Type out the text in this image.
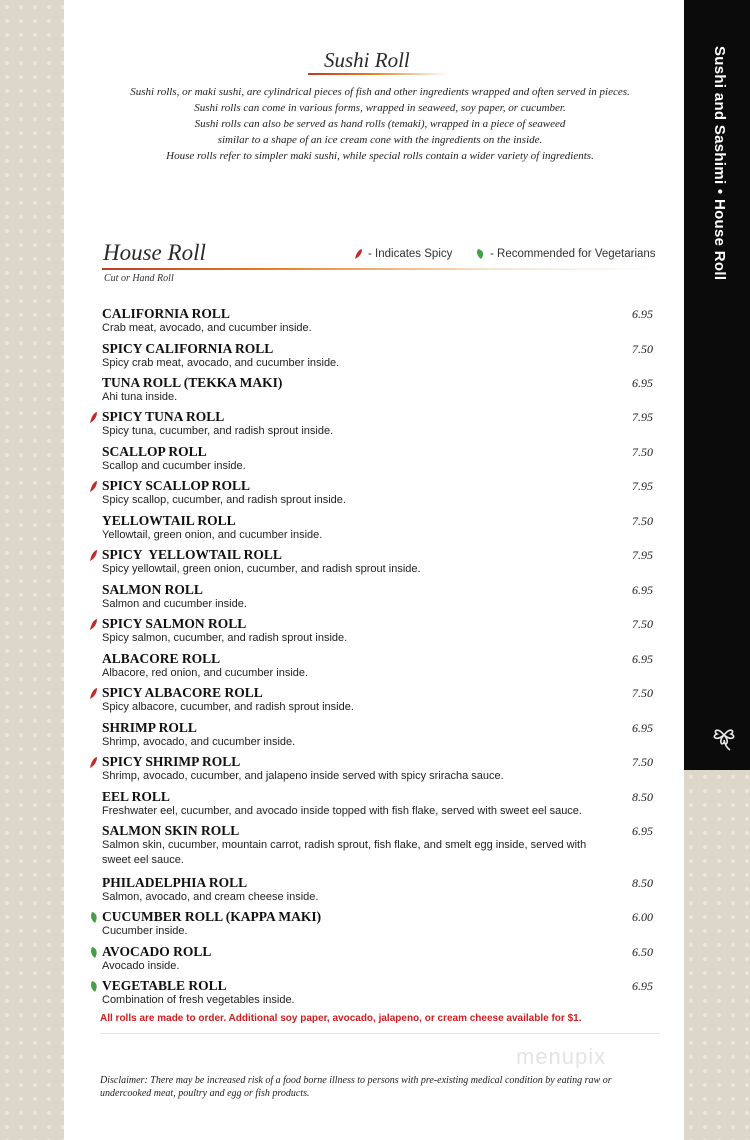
Sushi and Sashimi • House Roll
Sushi Roll
Sushi rolls, or maki sushi, are cylindrical pieces of fish and other ingredients wrapped and often served in pieces.
Sushi rolls can come in various forms, wrapped in seaweed, soy paper, or cucumber.
Sushi rolls can also be served as hand rolls (temaki), wrapped in a piece of seaweed
similar to a shape of an ice cream cone with the ingredients on the inside.
House rolls refer to simpler maki sushi, while special rolls contain a wider variety of ingredients.
House Roll
Cut or Hand Roll
- Indicates Spicy	- Recommended for Vegetarians
CALIFORNIA ROLL
Crab meat, avocado, and cucumber inside.
6.95
SPICY CALIFORNIA ROLL
Spicy crab meat, avocado, and cucumber inside.
7.50
TUNA ROLL (TEKKA MAKI)
Ahi tuna inside.
6.95
SPICY TUNA ROLL
Spicy tuna, cucumber, and radish sprout inside.
7.95
SCALLOP ROLL
Scallop and cucumber inside.
7.50
SPICY SCALLOP ROLL
Spicy scallop, cucumber, and radish sprout inside.
7.95
YELLOWTAIL ROLL
Yellowtail, green onion, and cucumber inside.
7.50
SPICY  YELLOWTAIL ROLL
Spicy yellowtail, green onion, cucumber, and radish sprout inside.
7.95
SALMON ROLL
Salmon and cucumber inside.
6.95
SPICY SALMON ROLL
Spicy salmon, cucumber, and radish sprout inside.
7.50
ALBACORE ROLL
Albacore, red onion, and cucumber inside.
6.95
SPICY ALBACORE ROLL
Spicy albacore, cucumber, and radish sprout inside.
7.50
SHRIMP ROLL
Shrimp, avocado, and cucumber inside.
6.95
SPICY SHRIMP ROLL
Shrimp, avocado, cucumber, and jalapeno inside served with spicy sriracha sauce.
7.50
EEL ROLL
Freshwater eel, cucumber, and avocado inside topped with fish flake, served with sweet eel sauce.
8.50
SALMON SKIN ROLL
Salmon skin, cucumber, mountain carrot, radish sprout, fish flake, and smelt egg inside, served with sweet eel sauce.
6.95
PHILADELPHIA ROLL
Salmon, avocado, and cream cheese inside.
8.50
CUCUMBER ROLL (KAPPA MAKI)
Cucumber inside.
6.00
AVOCADO ROLL
Avocado inside.
6.50
VEGETABLE ROLL
Combination of fresh vegetables inside.
6.95
All rolls are made to order. Additional soy paper, avocado, jalapeno, or cream cheese available for $1.
menupix
Disclaimer: There may be increased risk of a food borne illness to persons with pre-existing medical condition by eating raw or undercooked meat, poultry and egg or fish products.
